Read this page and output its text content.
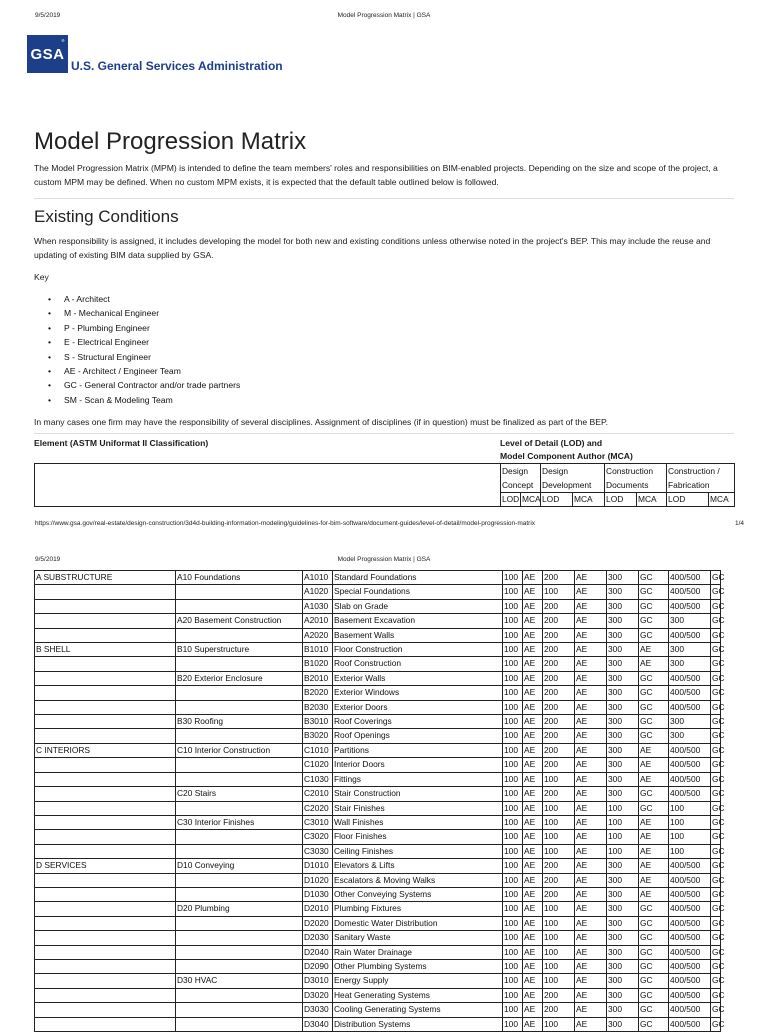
9/5/2019	Model Progression Matrix | GSA
GSA
®
U.S. General Services Administration
Model Progression Matrix
The Model Progression Matrix (MPM) is intended to define the team members' roles and responsibilities on BIM-enabled projects. Depending on the size and scope of the project, a custom MPM may be defined. When no custom MPM exists, it is expected that the default table outlined below is followed.
Existing Conditions
When responsibility is assigned, it includes developing the model for both new and existing conditions unless otherwise noted in the project's BEP. This may include the reuse and updating of existing BIM data supplied by GSA.
Key
• A - Architect
• M - Mechanical Engineer
• P - Plumbing Engineer
• E - Electrical Engineer
• S - Structural Engineer
• AE - Architect / Engineer Team
• GC - General Contractor and/or trade partners
• SM - Scan & Modeling Team
In many cases one firm may have the responsibility of several disciplines. Assignment of disciplines (if in question) must be finalized as part of the BEP.
Element (ASTM Uniformat II Classification)	Level of Detail (LOD) and
Model Component Author (MCA)
	Design
Concept		Design
Development		Construction
Documents		Construction /
Fabrication	
	LOD	MCA	LOD	MCA	LOD	MCA	LOD	MCA
https://www.gsa.gov/real-estate/design-construction/3d4d-building-information-modeling/guidelines-for-bim-software/document-guides/level-of-detail/model-progression-matrix	1/4
9/5/2019	Model Progression Matrix | GSA
A SUBSTRUCTURE	A10 Foundations	A1010	Standard Foundations	100	AE	200	AE	300	GC	400/500	GC
		A1020	Special Foundations	100	AE	100	AE	300	GC	400/500	GC
		A1030	Slab on Grade	100	AE	200	AE	300	GC	400/500	GC
	A20 Basement Construction	A2010	Basement Excavation	100	AE	200	AE	300	GC	300	GC
		A2020	Basement Walls	100	AE	200	AE	300	GC	400/500	GC
B SHELL	B10 Superstructure	B1010	Floor Construction	100	AE	200	AE	300	AE	300	GC
		B1020	Roof Construction	100	AE	200	AE	300	AE	300	GC
	B20 Exterior Enclosure	B2010	Exterior Walls	100	AE	200	AE	300	GC	400/500	GC
		B2020	Exterior Windows	100	AE	200	AE	300	GC	400/500	GC
		B2030	Exterior Doors	100	AE	200	AE	300	GC	400/500	GC
	B30 Roofing	B3010	Roof Coverings	100	AE	200	AE	300	GC	300	GC
		B3020	Roof Openings	100	AE	200	AE	300	GC	300	GC
C INTERIORS	C10 Interior Construction	C1010	Partitions	100	AE	200	AE	300	AE	400/500	GC
		C1020	Interior Doors	100	AE	200	AE	300	AE	400/500	GC
		C1030	Fittings	100	AE	100	AE	300	AE	400/500	GC
	C20 Stairs	C2010	Stair Construction	100	AE	200	AE	300	GC	400/500	GC
		C2020	Stair Finishes	100	AE	100	AE	100	GC	100	GC
	C30 Interior Finishes	C3010	Wall Finishes	100	AE	100	AE	100	AE	100	GC
		C3020	Floor Finishes	100	AE	100	AE	100	AE	100	GC
		C3030	Ceiling Finishes	100	AE	100	AE	100	AE	100	GC
D SERVICES	D10 Conveying	D1010	Elevators & Lifts	100	AE	200	AE	300	AE	400/500	GC
		D1020	Escalators & Moving Walks	100	AE	200	AE	300	AE	400/500	GC
		D1030	Other Conveying Systems	100	AE	200	AE	300	AE	400/500	GC
	D20 Plumbing	D2010	Plumbing Fixtures	100	AE	100	AE	300	GC	400/500	GC
		D2020	Domestic Water Distribution	100	AE	100	AE	300	GC	400/500	GC
		D2030	Sanitary Waste	100	AE	100	AE	300	GC	400/500	GC
		D2040	Rain Water Drainage	100	AE	100	AE	300	GC	400/500	GC
		D2090	Other Plumbing Systems	100	AE	100	AE	300	GC	400/500	GC
	D30 HVAC	D3010	Energy Supply	100	AE	100	AE	300	GC	400/500	GC
		D3020	Heat Generating Systems	100	AE	200	AE	300	GC	400/500	GC
		D3030	Cooling Generating Systems	100	AE	200	AE	300	GC	400/500	GC
		D3040	Distribution Systems	100	AE	100	AE	300	GC	400/500	GC
